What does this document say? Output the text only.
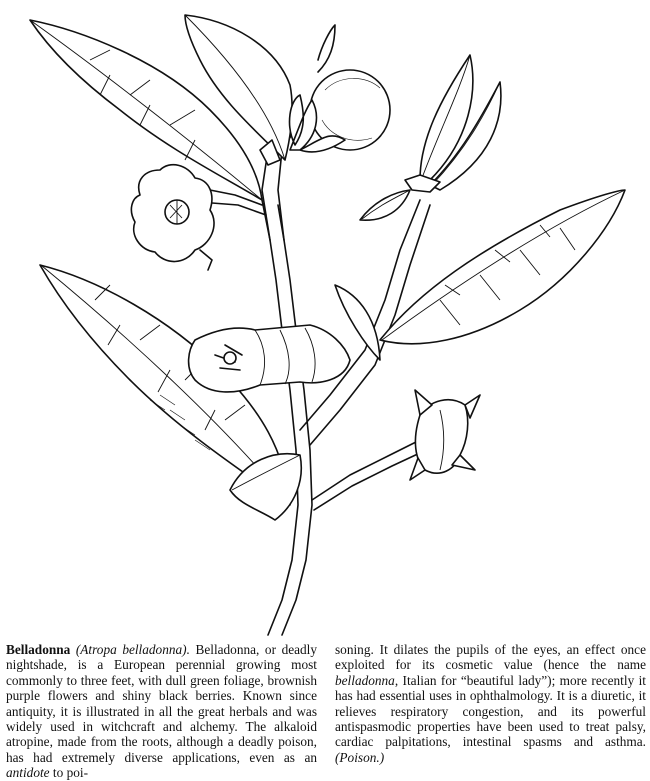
Belladonna (Atropa belladonna). Belladonna, or deadly nightshade, is a European perennial growing most commonly to three feet, with dull green foliage, brownish purple flowers and shiny black berries. Known since antiquity, it is illustrated in all the great herbals and was widely used in witchcraft and alchemy. The alkaloid atropine, made from the roots, although a deadly poison, has had extremely diverse applications, even as an antidote to poi-

soning. It dilates the pupils of the eyes, an effect once exploited for its cosmetic value (hence the name belladonna, Italian for “beautiful lady”); more recently it has had essential uses in ophthalmology. It is a diuretic, it relieves respiratory congestion, and its powerful antispasmodic properties have been used to treat palsy, cardiac palpitations, intestinal spasms and asthma. (Poison.)
